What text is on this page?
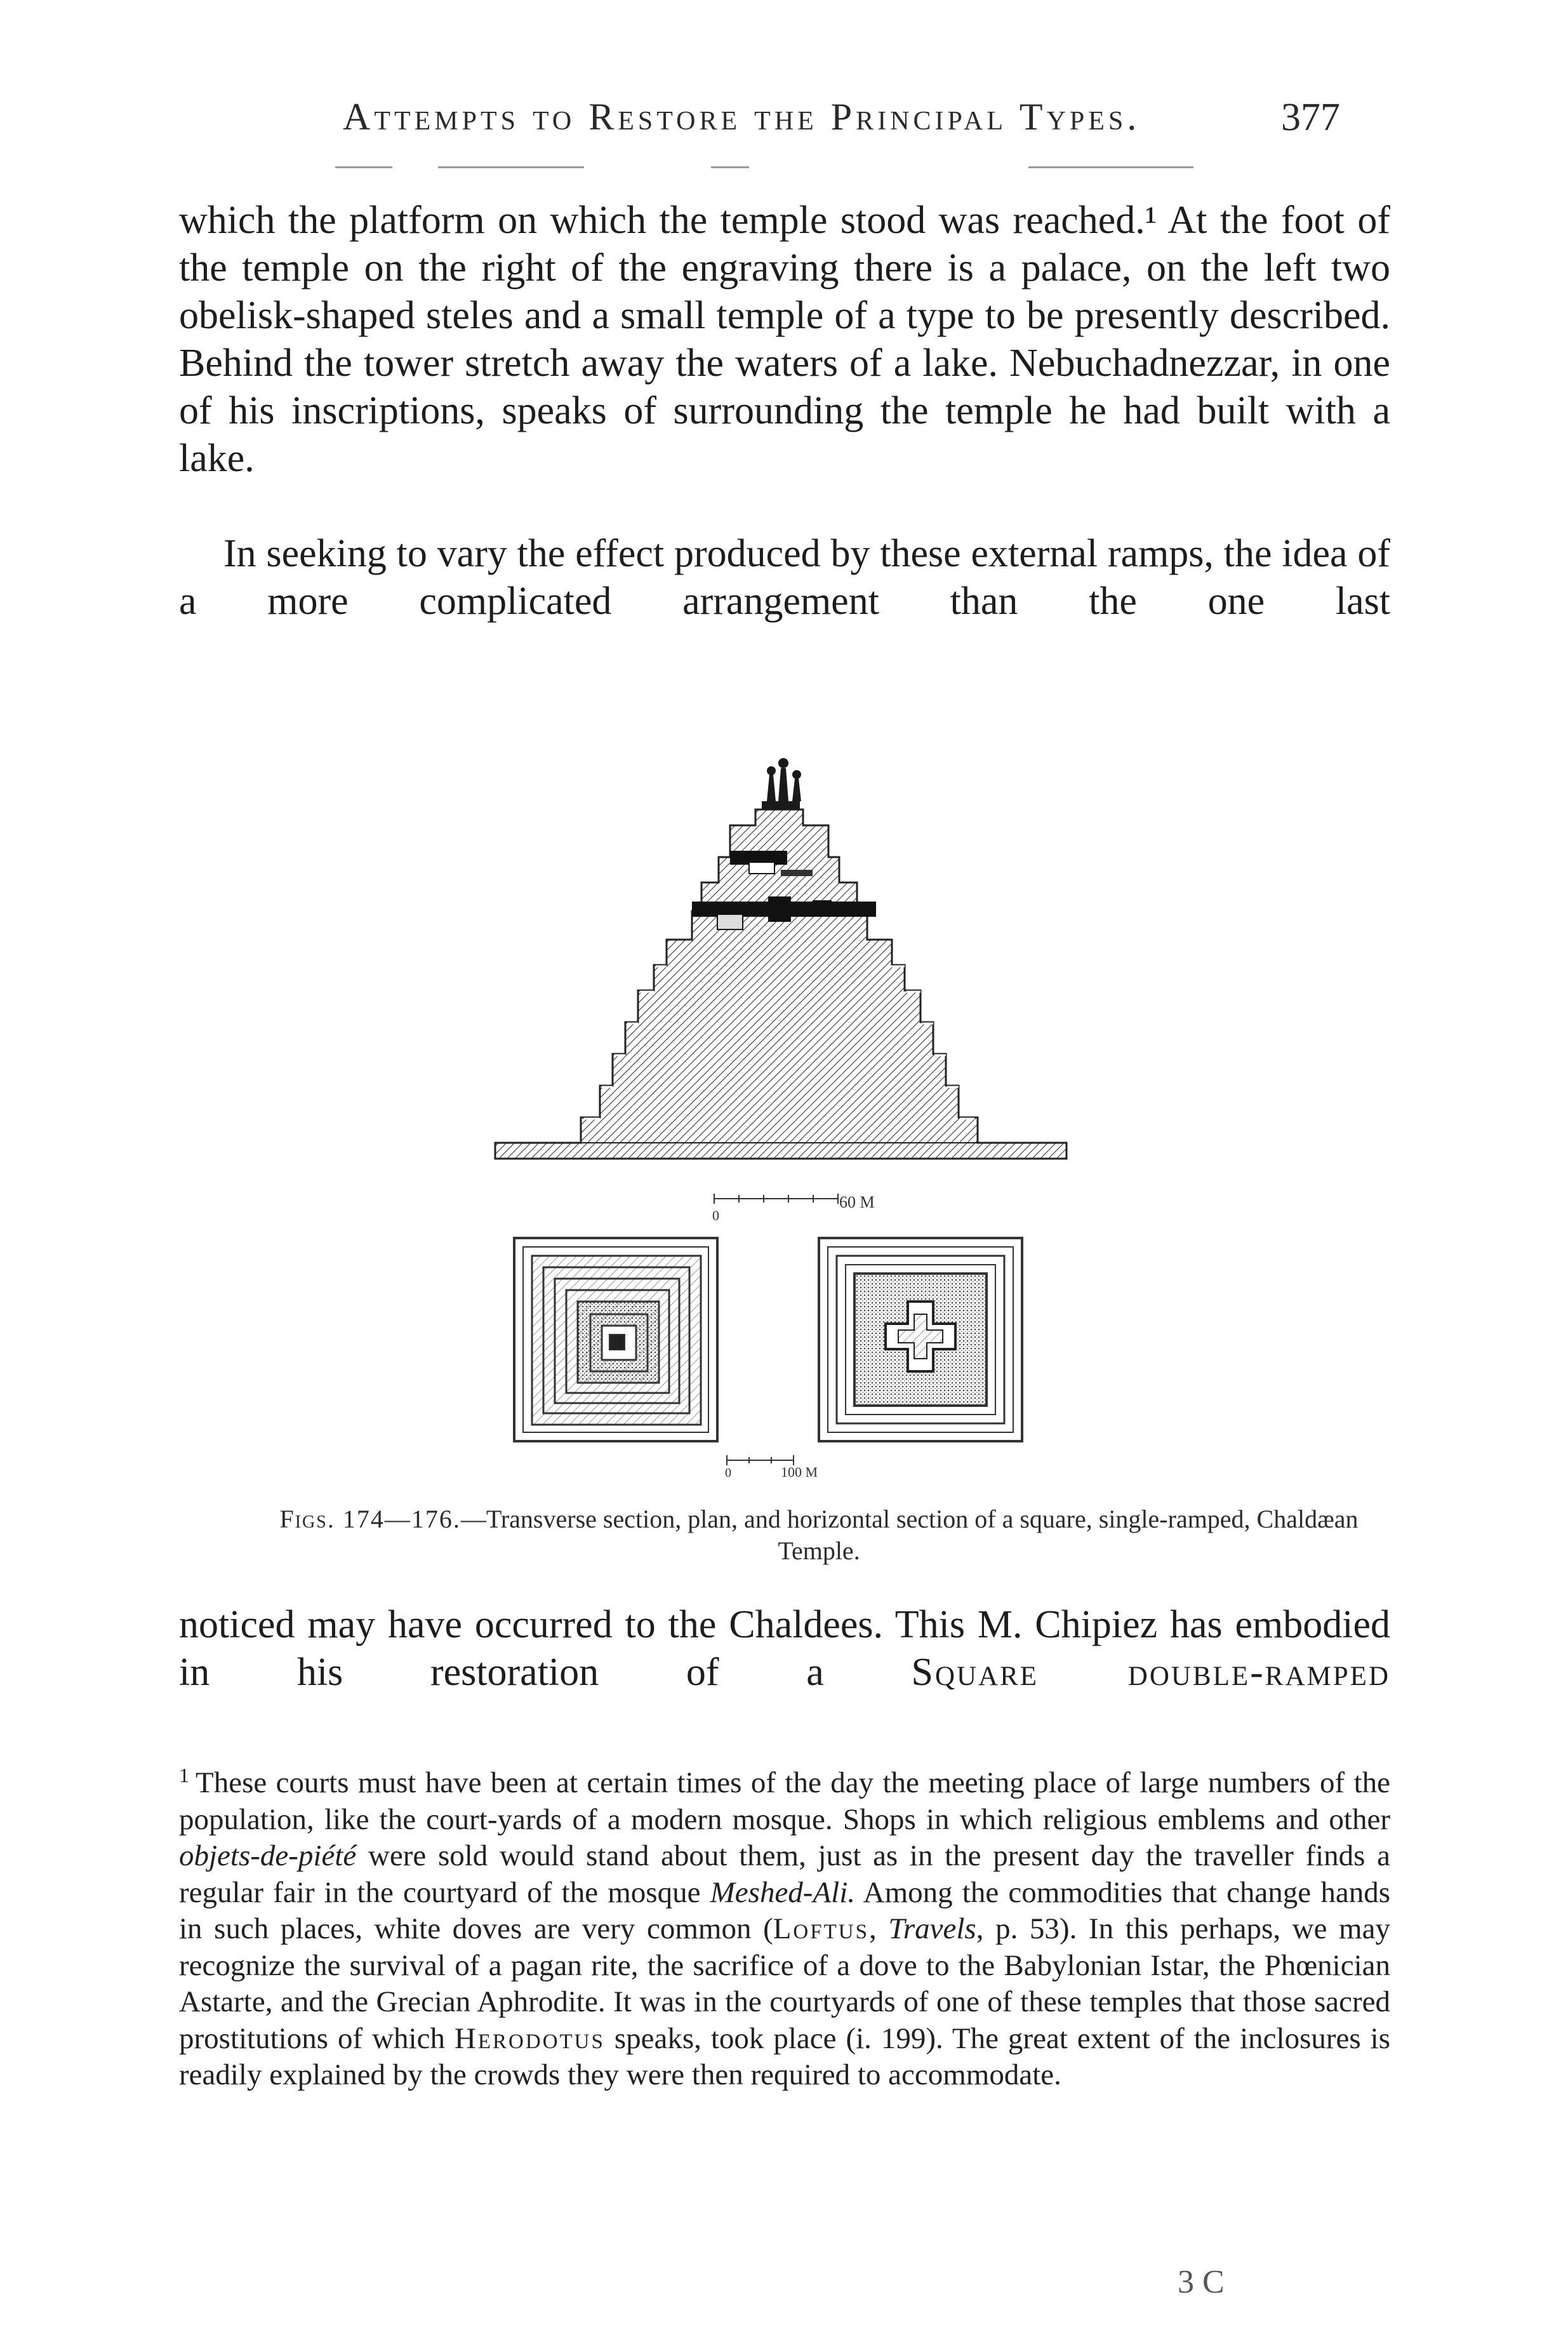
Attempts to Restore the Principal Types.	377

which the platform on which the temple stood was reached.¹ At the foot of the temple on the right of the engraving there is a palace, on the left two obelisk-shaped steles and a small temple of a type to be presently described. Behind the tower stretch away the waters of a lake. Nebuchadnezzar, in one of his inscriptions, speaks of surrounding the temple he had built with a lake.

In seeking to vary the effect produced by these external ramps, the idea of a more complicated arrangement than the one last

0
60 M
0	100 M
Figs. 174—176.—Transverse section, plan, and horizontal section of a square, single-ramped, Chaldæan Temple.

noticed may have occurred to the Chaldees. This M. Chipiez has embodied in his restoration of a Square double-ramped

$^1$ These courts must have been at certain times of the day the meeting place of large numbers of the population, like the court-yards of a modern mosque. Shops in which religious emblems and other objets-de-piété were sold would stand about them, just as in the present day the traveller finds a regular fair in the courtyard of the mosque Meshed-Ali. Among the commodities that change hands in such places, white doves are very common (Loftus, Travels, p. 53). In this perhaps, we may recognize the survival of a pagan rite, the sacrifice of a dove to the Babylonian Istar, the Phœnician Astarte, and the Grecian Aphrodite. It was in the courtyards of one of these temples that those sacred prostitutions of which Herodotus speaks, took place (i. 199). The great extent of the inclosures is readily explained by the crowds they were then required to accommodate.

3 C
